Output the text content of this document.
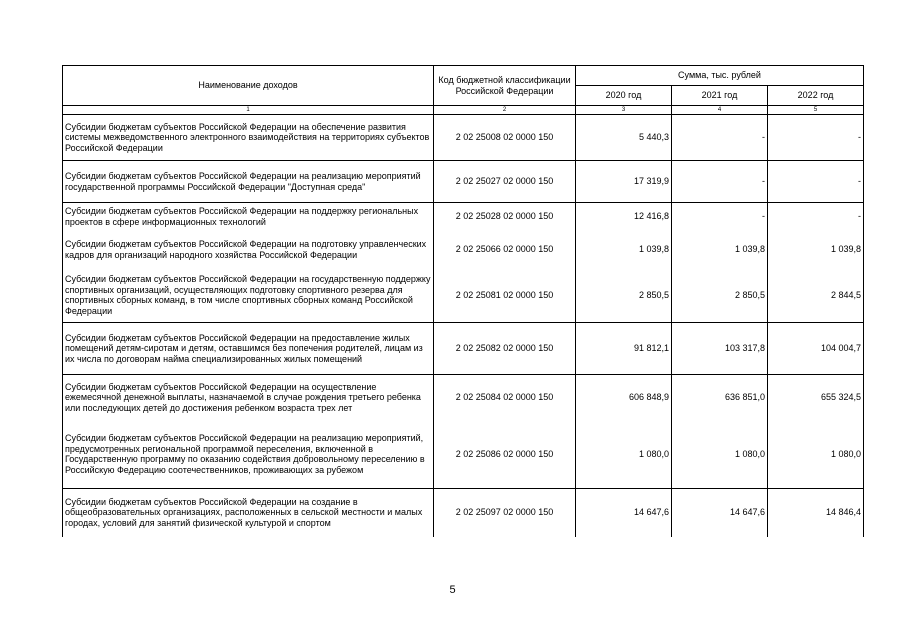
Наименование доходов	Код бюджетной классификации Российской Федерации	Сумма, тыс. рублей		
		2020 год	2021 год	2022 год
1	2	3	4	5
Субсидии бюджетам субъектов Российской Федерации на обеспечение развития системы межведомственного электронного взаимодействия на территориях субъектов Российской Федерации	2 02 25008 02 0000 150	5 440,3	-	-
Субсидии бюджетам субъектов Российской Федерации на реализацию мероприятий государственной программы Российской Федерации "Доступная среда"	2 02 25027 02 0000 150	17 319,9	-	-
Субсидии бюджетам субъектов Российской Федерации на поддержку региональных проектов в сфере информационных технологий	2 02 25028 02 0000 150	12 416,8	-	-
Субсидии бюджетам субъектов Российской Федерации на подготовку управленческих кадров для организаций народного хозяйства Российской Федерации	2 02 25066 02 0000 150	1 039,8	1 039,8	1 039,8
Субсидии бюджетам субъектов Российской Федерации на государственную поддержку спортивных организаций, осуществляющих подготовку спортивного резерва для спортивных сборных команд, в том числе спортивных сборных команд Российской Федерации	2 02 25081 02 0000 150	2 850,5	2 850,5	2 844,5
Субсидии бюджетам субъектов Российской Федерации на предоставление жилых помещений детям-сиротам и детям, оставшимся без попечения родителей, лицам из их числа по договорам найма специализированных жилых помещений	2 02 25082 02 0000 150	91 812,1	103 317,8	104 004,7
Субсидии бюджетам субъектов Российской Федерации на осуществление ежемесячной денежной выплаты, назначаемой в случае рождения третьего ребенка или последующих детей до достижения ребенком возраста трех лет	2 02 25084 02 0000 150	606 848,9	636 851,0	655 324,5
Субсидии бюджетам субъектов Российской Федерации на реализацию мероприятий, предусмотренных региональной программой переселения, включенной в Государственную программу по оказанию содействия добровольному переселению в Российскую Федерацию соотечественников, проживающих за рубежом	2 02 25086 02 0000 150	1 080,0	1 080,0	1 080,0
Субсидии бюджетам субъектов Российской Федерации на создание в общеобразовательных организациях, расположенных в сельской местности и малых городах, условий для занятий физической культурой и спортом	2 02 25097 02 0000 150	14 647,6	14 647,6	14 846,4
5
